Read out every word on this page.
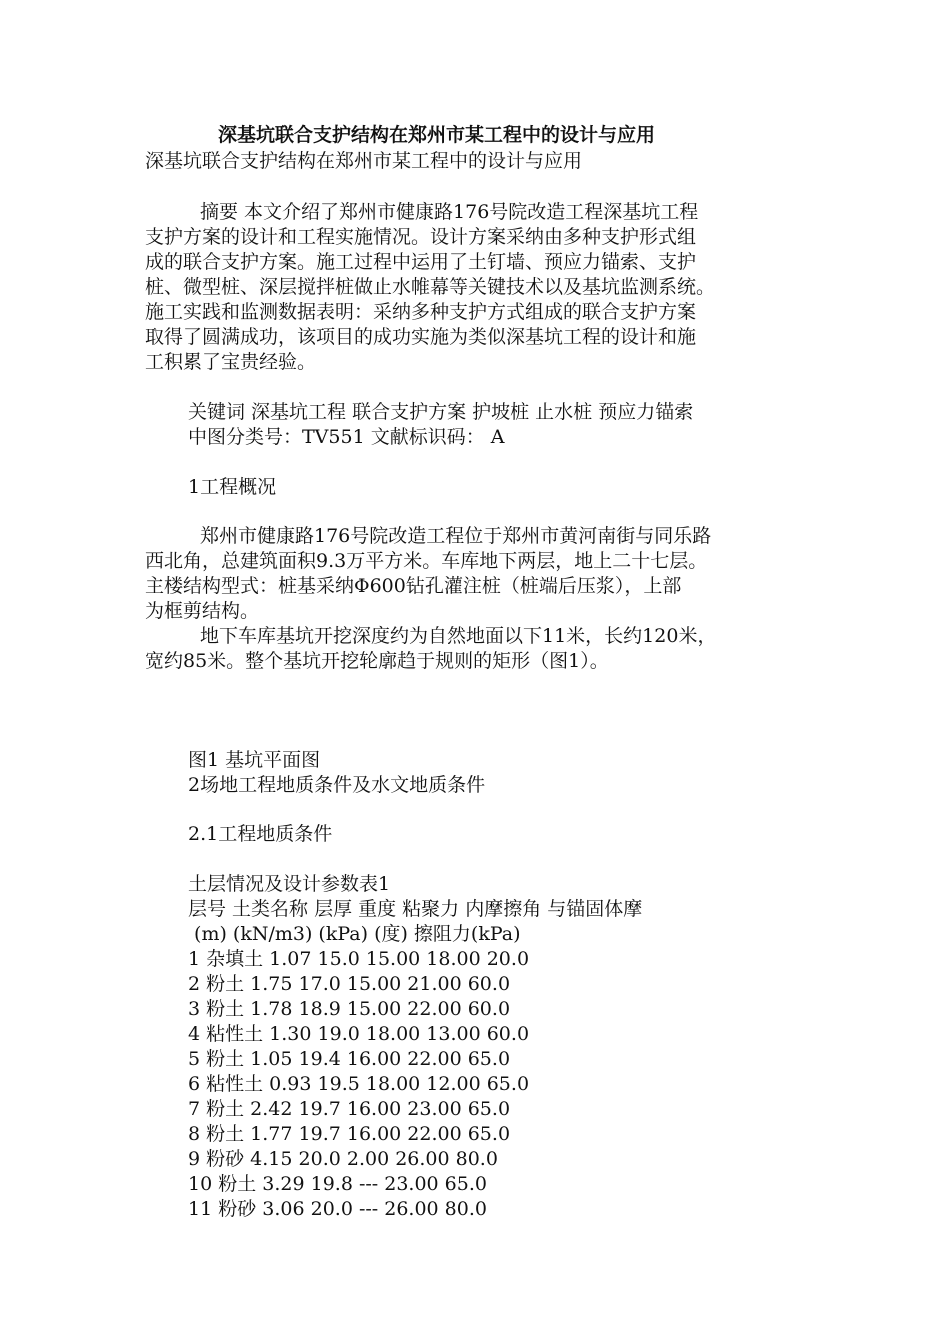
深基坑联合支护结构在郑州市某工程中的设计与应用
深基坑联合支护结构在郑州市某工程中的设计与应用
摘要 本文介绍了郑州市健康路176号院改造工程深基坑工程
支护方案的设计和工程实施情况。设计方案采纳由多种支护形式组
成的联合支护方案。施工过程中运用了土钉墙、预应力锚索、支护
桩、微型桩、深层搅拌桩做止水帷幕等关键技术以及基坑监测系统。
施工实践和监测数据表明：采纳多种支护方式组成的联合支护方案
取得了圆满成功，该项目的成功实施为类似深基坑工程的设计和施
工积累了宝贵经验。
关键词 深基坑工程 联合支护方案 护坡桩 止水桩 预应力锚索
中图分类号：TV551 文献标识码： A
1工程概况
郑州市健康路176号院改造工程位于郑州市黄河南街与同乐路
西北角，总建筑面积9.3万平方米。车库地下两层，地上二十七层。
主楼结构型式：桩基采纳Φ600钻孔灌注桩（桩端后压浆），上部
为框剪结构。
地下车库基坑开挖深度约为自然地面以下11米，长约120米，
宽约85米。整个基坑开挖轮廓趋于规则的矩形（图1）。
图1 基坑平面图
2场地工程地质条件及水文地质条件
2.1工程地质条件
土层情况及设计参数表1
层号 土类名称 层厚 重度 粘聚力 内摩擦角 与锚固体摩
(m) (kN/m3) (kPa) (度) 擦阻力(kPa)
1 杂填土 1.07 15.0 15.00 18.00 20.0
2 粉土 1.75 17.0 15.00 21.00 60.0
3 粉土 1.78 18.9 15.00 22.00 60.0
4 粘性土 1.30 19.0 18.00 13.00 60.0
5 粉土 1.05 19.4 16.00 22.00 65.0
6 粘性土 0.93 19.5 18.00 12.00 65.0
7 粉土 2.42 19.7 16.00 23.00 65.0
8 粉土 1.77 19.7 16.00 22.00 65.0
9 粉砂 4.15 20.0 2.00 26.00 80.0
10 粉土 3.29 19.8 --- 23.00 65.0
11 粉砂 3.06 20.0 --- 26.00 80.0
